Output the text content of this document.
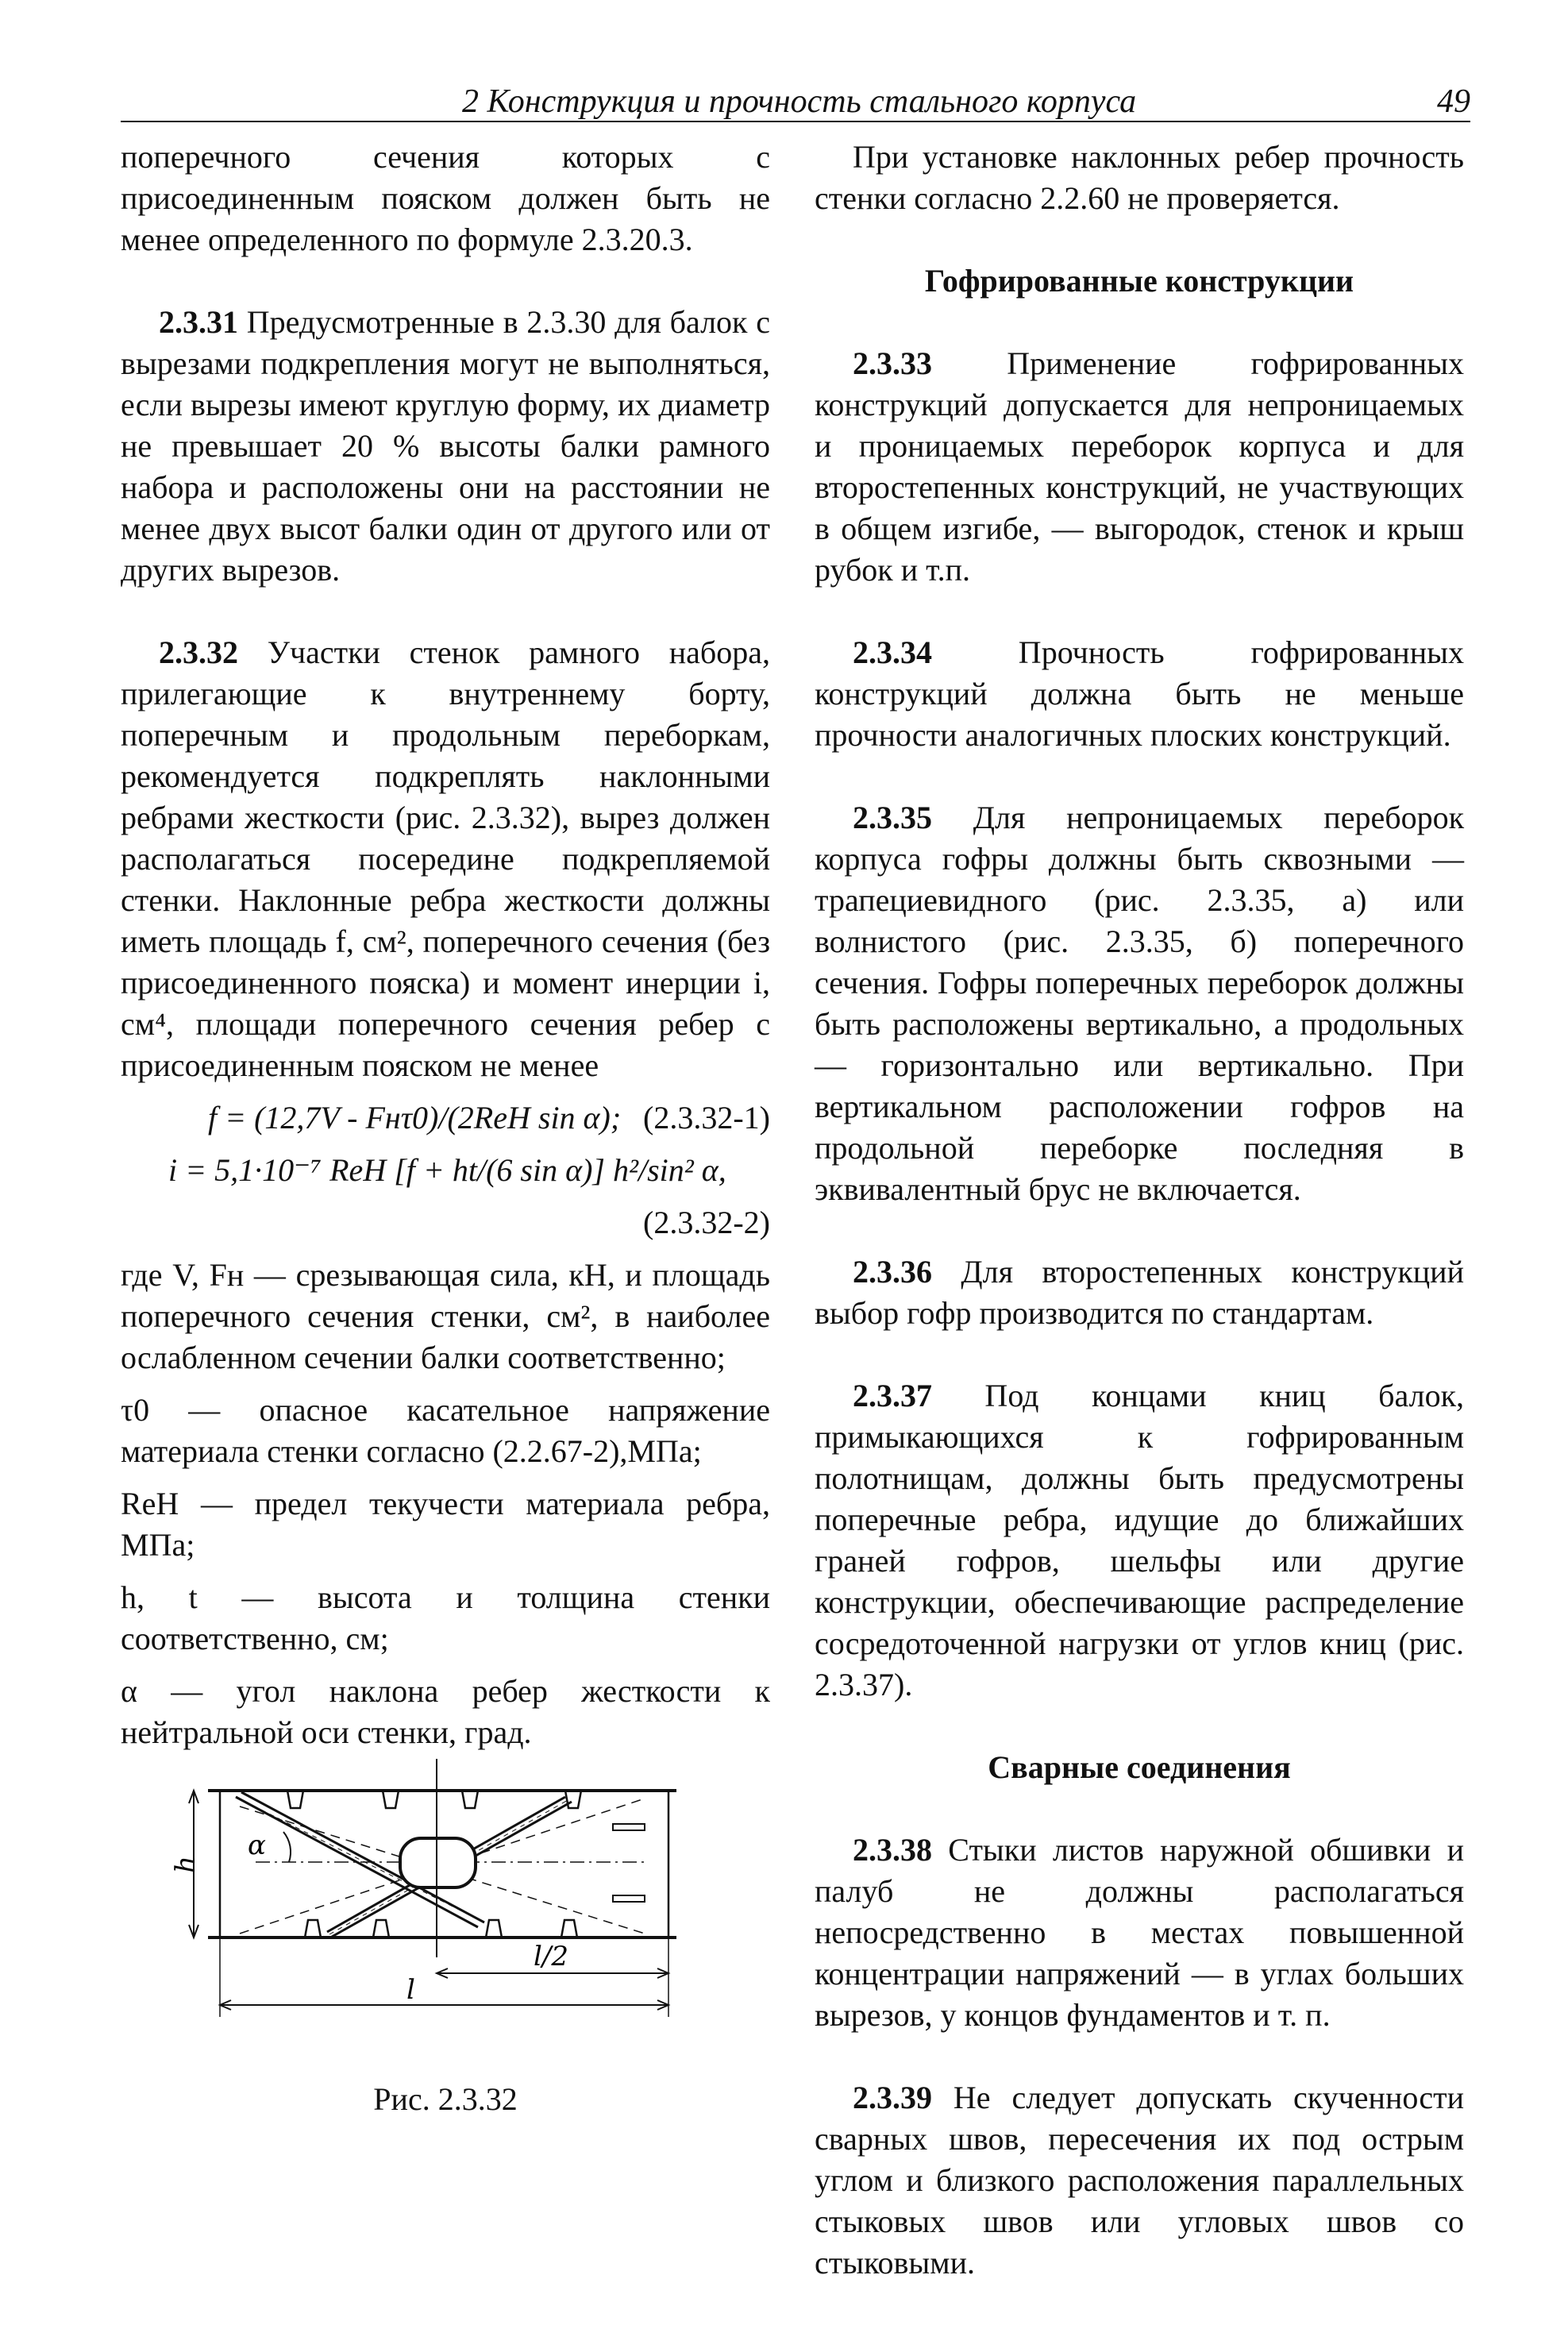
2 Конструкция и прочность стального корпуса	49

поперечного сечения которых с присоединенным пояском должен быть не менее определенного по формуле 2.3.20.3.

2.3.31 Предусмотренные в 2.3.30 для балок с вырезами подкрепления могут не выполняться, если вырезы имеют круглую форму, их диаметр не превышает 20 % высоты балки рамного набора и расположены они на расстоянии не менее двух высот балки один от другого или от других вырезов.

2.3.32 Участки стенок рамного набора, прилегающие к внутреннему борту, поперечным и продольным переборкам, рекомендуется подкреплять наклонными ребрами жесткости (рис. 2.3.32), вырез должен располагаться посередине подкрепляемой стенки. Наклонные ребра жесткости должны иметь площадь f, см², поперечного сечения (без присоединенного пояска) и момент инерции i, см⁴, площади поперечного сечения ребер с присоединенным пояском не менее

f = (12,7V - Fнτ0)/(2ReH sin α); (2.3.32-1)

i = 5,1·10⁻⁷ ReH [f + ht/(6 sin α)] h²/sin² α,

(2.3.32-2)

где V, Fн — срезывающая сила, кН, и площадь поперечного сечения стенки, см², в наиболее ослабленном сечении балки соответственно;

τ0 — опасное касательное напряжение материала стенки согласно (2.2.67-2),МПа;

ReH — предел текучести материала ребра, МПа;

h, t — высота и толщина стенки соответственно, см;

α — угол наклона ребер жесткости к нейтральной оси стенки, град.

α
h
l/2
l
Рис. 2.3.32

При установке наклонных ребер прочность стенки согласно 2.2.60 не проверяется.

Гофрированные конструкции

2.3.33 Применение гофрированных конструкций допускается для непроницаемых и проницаемых переборок корпуса и для второстепенных конструкций, не участвующих в общем изгибе, — выгородок, стенок и крыш рубок и т.п.

2.3.34 Прочность гофрированных конструкций должна быть не меньше прочности аналогичных плоских конструкций.

2.3.35 Для непроницаемых переборок корпуса гофры должны быть сквозными — трапециевидного (рис. 2.3.35, а) или волнистого (рис. 2.3.35, б) поперечного сечения. Гофры поперечных переборок должны быть расположены вертикально, а продольных — горизонтально или вертикально. При вертикальном расположении гофров на продольной переборке последняя в эквивалентный брус не включается.

2.3.36 Для второстепенных конструкций выбор гофр производится по стандартам.

2.3.37 Под концами книц балок, примыкающихся к гофрированным полотнищам, должны быть предусмотрены поперечные ребра, идущие до ближайших граней гофров, шельфы или другие конструкции, обеспечивающие распределение сосредоточенной нагрузки от углов книц (рис. 2.3.37).

Сварные соединения

2.3.38 Стыки листов наружной обшивки и палуб не должны располагаться непосредственно в местах повышенной концентрации напряжений — в углах больших вырезов, у концов фундаментов и т. п.

2.3.39 Не следует допускать скученности сварных швов, пересечения их под острым углом и близкого расположения параллельных стыковых швов или угловых швов со стыковыми.
